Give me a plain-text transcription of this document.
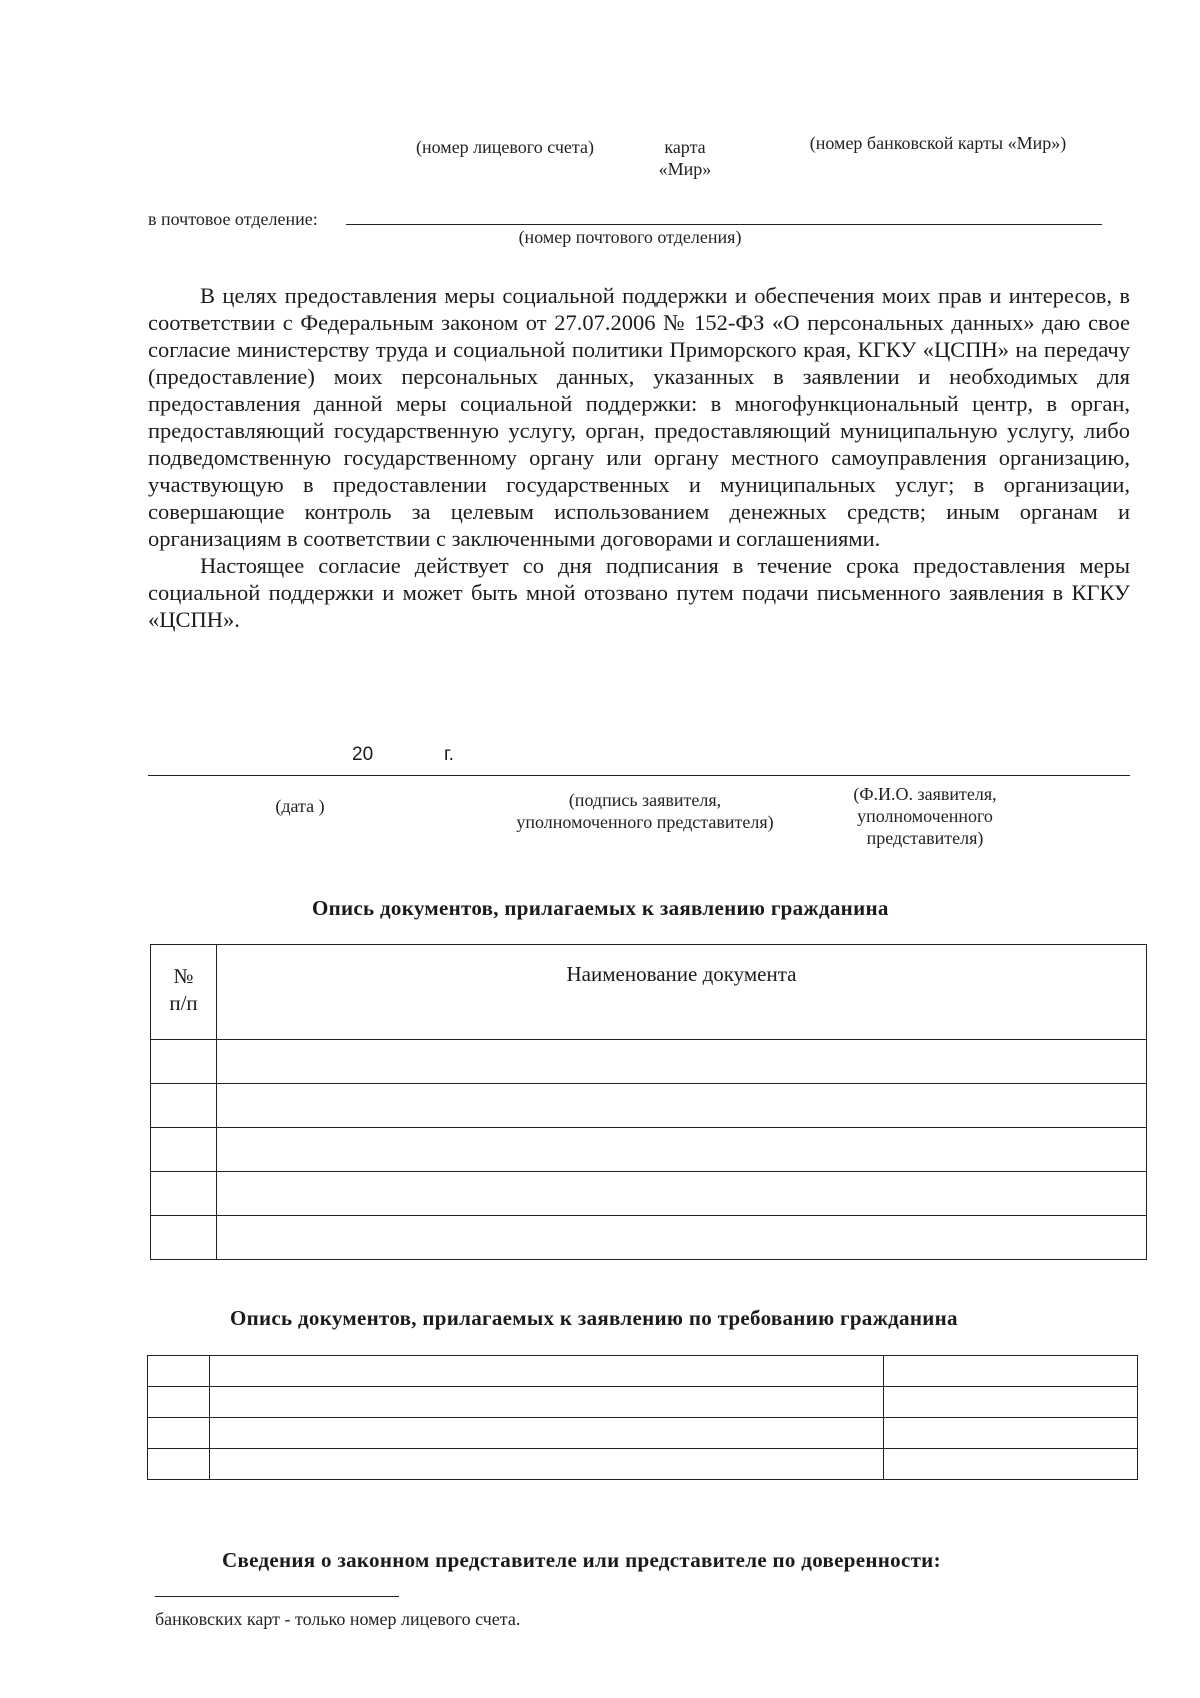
(номер лицевого счета)	карта
«Мир»
(номер банковской карты «Мир»)
в почтовое отделение:
(номер почтового отделения)

В целях предоставления меры социальной поддержки и обеспечения моих прав и интересов, в соответствии с Федеральным законом от 27.07.2006 № 152-ФЗ «О персональных данных» даю свое согласие министерству труда и социальной политики Приморского края, КГКУ «ЦСПН» на передачу (предоставление) моих персональных данных, указанных в заявлении и необходимых для предоставления данной меры социальной поддержки: в многофункциональный центр, в орган, предоставляющий государственную услугу, орган, предоставляющий муниципальную услугу, либо подведомственную государственному органу или органу местного самоуправления организацию, участвующую в предоставлении государственных и муниципальных услуг; в организации, совершающие контроль за целевым использованием денежных средств; иным органам и организациям в соответствии с заключенными договорами и соглашениями.

Настоящее согласие действует со дня подписания в течение срока предоставления меры социальной поддержки и может быть мной отозвано путем подачи письменного заявления в КГКУ «ЦСПН».

20	г.
(дата )	(подпись заявителя,
уполномоченного представителя)
(Ф.И.О. заявителя,
уполномоченного
представителя)
Опись документов, прилагаемых к заявлению гражданина
№
п/п	Наименование документа

Опись документов, прилагаемых к заявлению по требованию гражданина

Сведения о законном представителе или представителе по доверенности:
банковских карт - только номер лицевого счета.
